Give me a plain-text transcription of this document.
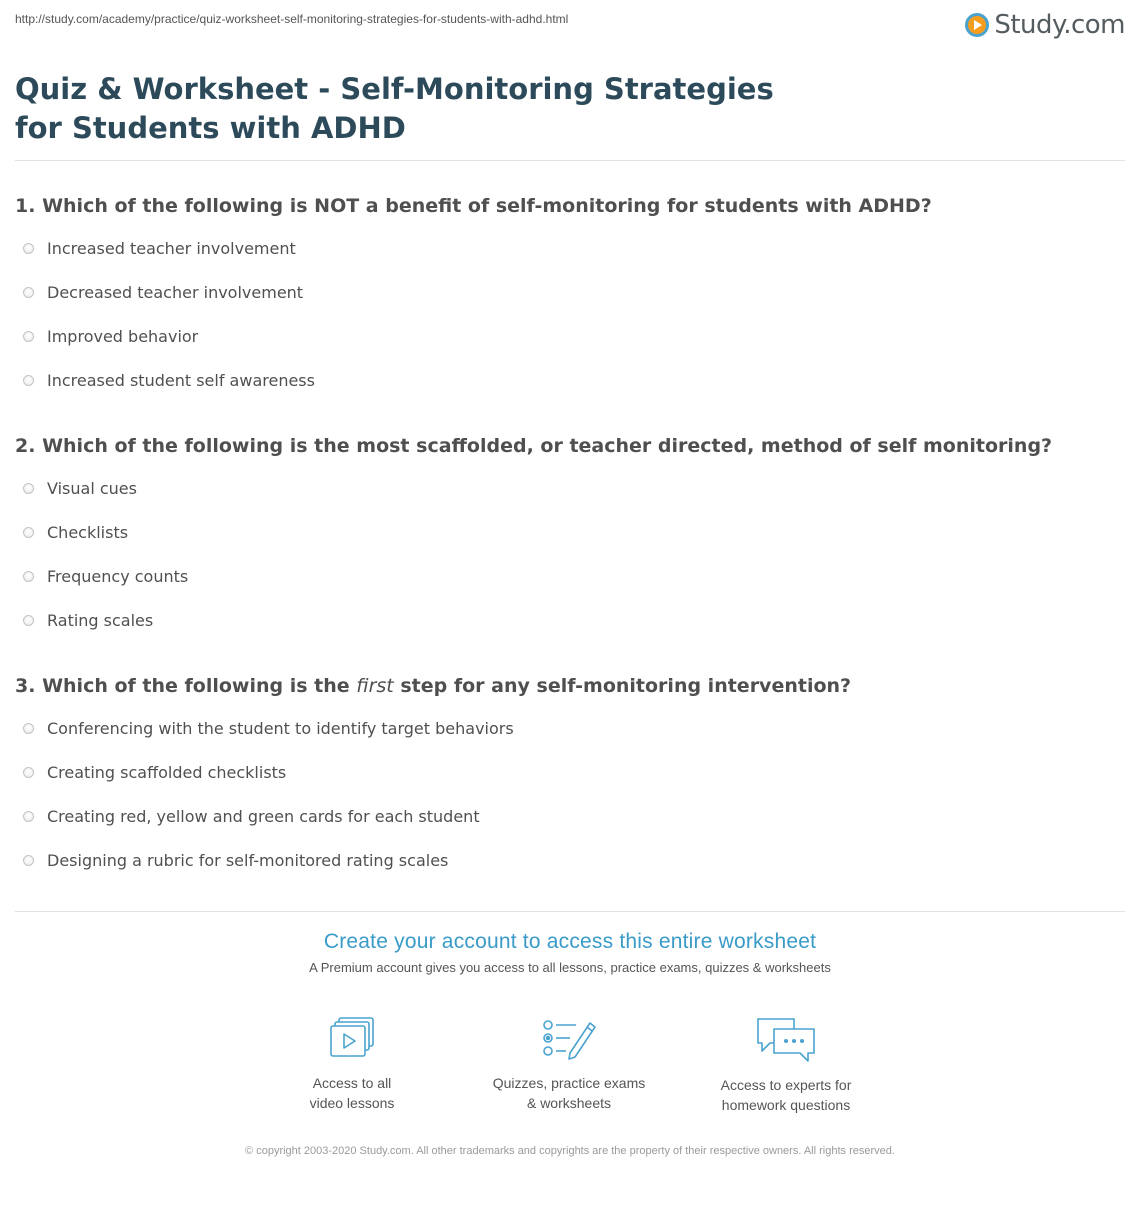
http://study.com/academy/practice/quiz-worksheet-self-monitoring-strategies-for-students-with-adhd.html	Study.com
Quiz & Worksheet - Self-Monitoring Strategies for Students with ADHD
1. Which of the following is NOT a benefit of self-monitoring for students with ADHD?
Increased teacher involvement
Decreased teacher involvement
Improved behavior
Increased student self awareness
2. Which of the following is the most scaffolded, or teacher directed, method of self monitoring?
Visual cues
Checklists
Frequency counts
Rating scales
3. Which of the following is the first step for any self-monitoring intervention?
Conferencing with the student to identify target behaviors
Creating scaffolded checklists
Creating red, yellow and green cards for each student
Designing a rubric for self-monitored rating scales
Create your account to access this entire worksheet
A Premium account gives you access to all lessons, practice exams, quizzes & worksheets
Access to all
video lessons
Quizzes, practice exams
& worksheets
Access to experts for
homework questions
© copyright 2003-2020 Study.com. All other trademarks and copyrights are the property of their respective owners. All rights reserved.
